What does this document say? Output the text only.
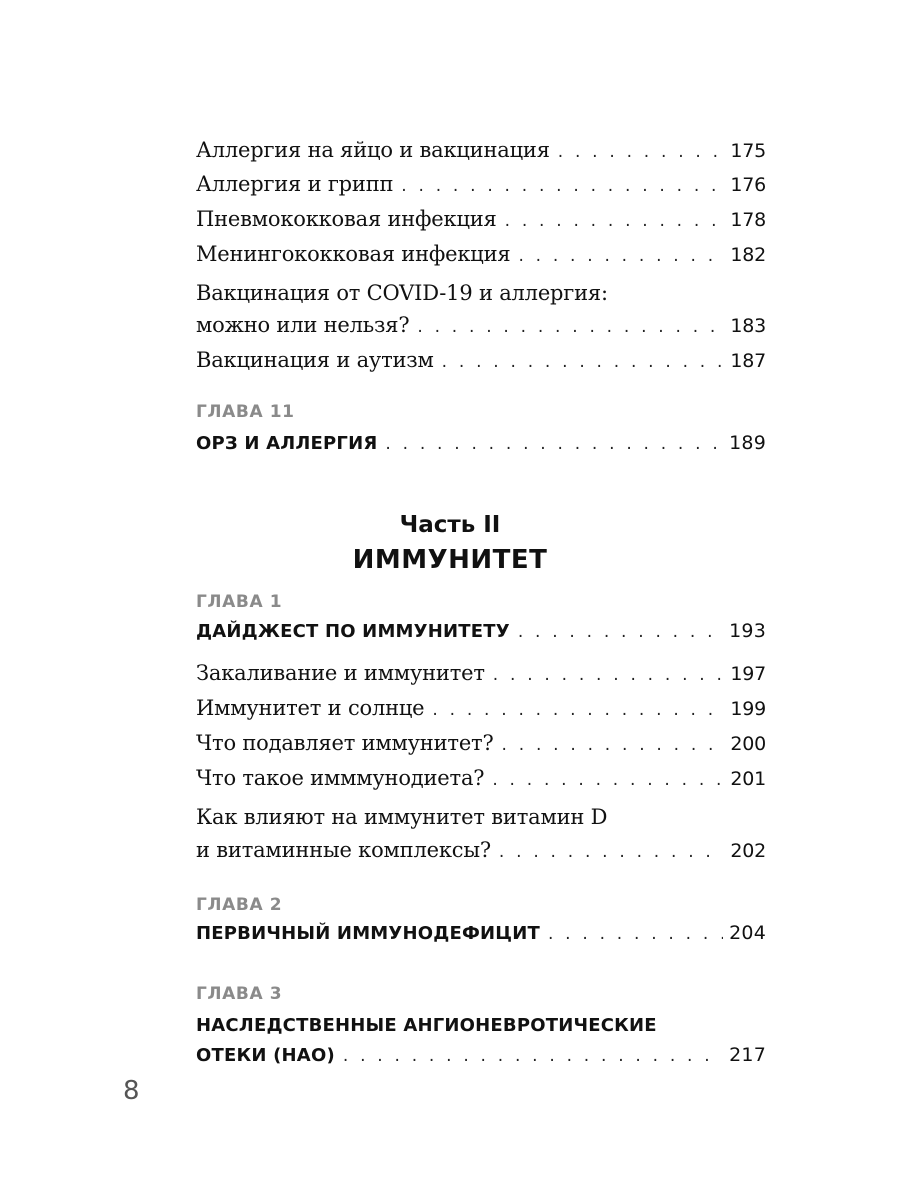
Аллергия на яйцо и вакцинация . . .	175
Аллергия и грипп . . .	176
Пневмококковая инфекция . . .	178
Менингококковая инфекция . . .	182
Вакцинация от COVID-19 и аллергия:
можно или нельзя? . . .	183
Вакцинация и аутизм . . .	187
ГЛАВА 11
ОРЗ И АЛЛЕРГИЯ . . .	189
ГЛАВА 1
ДАЙДЖЕСТ ПО ИММУНИТЕТУ . . .	193
Закаливание и иммунитет . . .	197
Иммунитет и солнце . . .	199
Что подавляет иммунитет? . . .	200
Что такое имммунодиета? . . .	201
Как влияют на иммунитет витамин D
и витаминные комплексы? . . .	202
ГЛАВА 2
ПЕРВИЧНЫЙ ИММУНОДЕФИЦИТ . . .	204
ГЛАВА 3
НАСЛЕДСТВЕННЫЕ АНГИОНЕВРОТИЧЕСКИЕ
ОТЕКИ (НАО) . . .	217
Часть II
ИММУНИТЕТ
8
